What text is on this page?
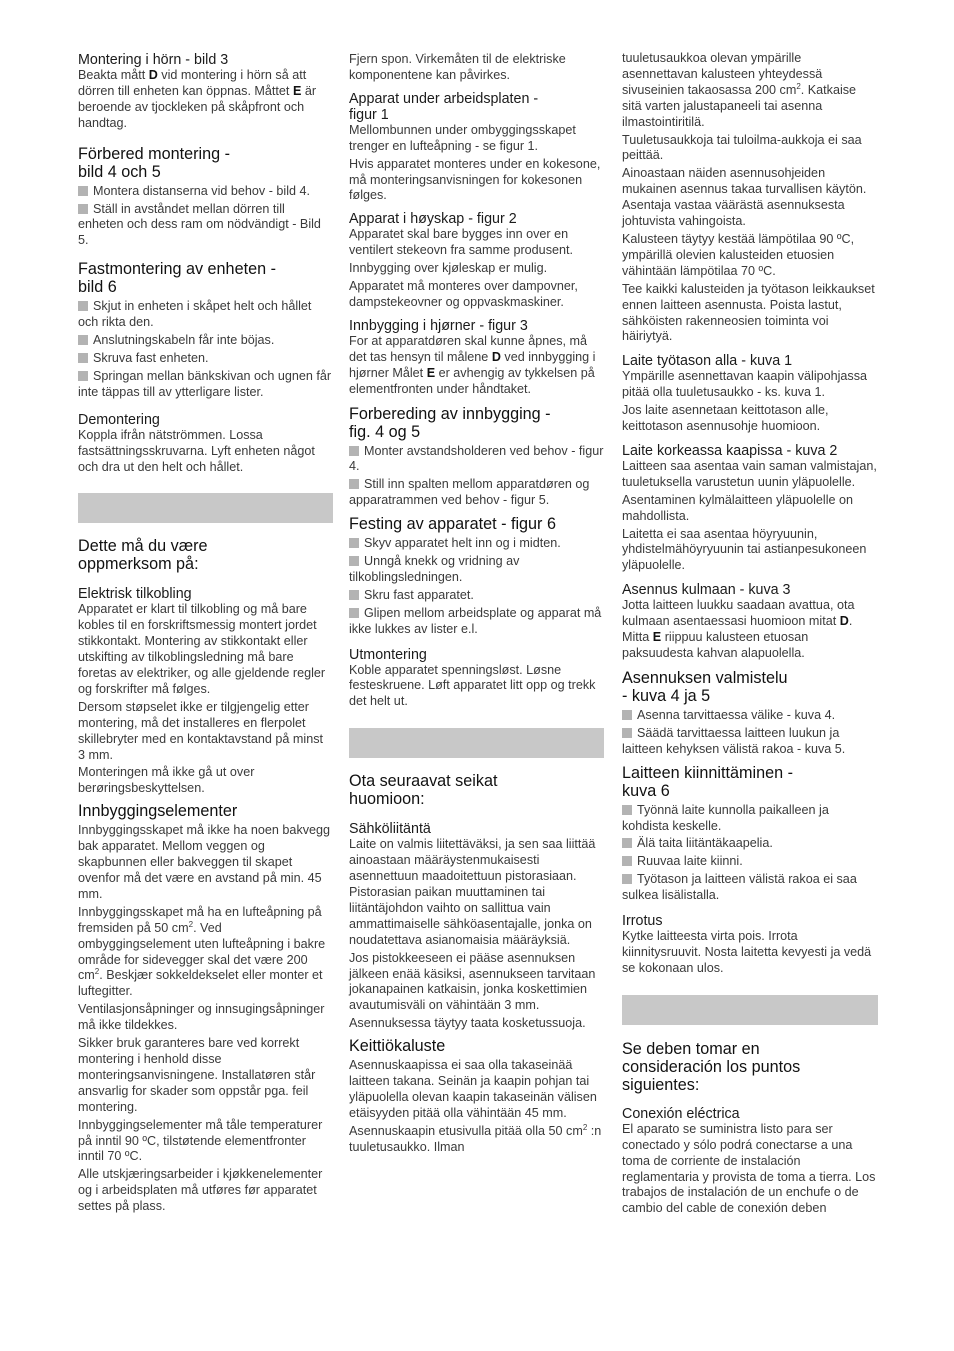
Montering i hörn - bild 3

Beakta mått D vid montering i hörn så att dörren till enheten kan öppnas. Måttet E är beroende av tjockleken på skåpfront och handtag.

Förbered montering -
bild 4 och 5

Montera distanserna vid behov - bild 4.

Ställ in avståndet mellan dörren till enheten och dess ram om nödvändigt - Bild 5.

Fastmontering av enheten -
bild 6

Skjut in enheten i skåpet helt och hållet och rikta den.

Anslutningskabeln får inte böjas.

Skruva fast enheten.

Springan mellan bänkskivan och ugnen får inte täppas till av ytterligare lister.

Demontering

Koppla ifrån nätströmmen. Lossa fastsättningsskruvarna. Lyft enheten något och dra ut den helt och hållet.

Dette må du være
oppmerksom på:
Elektrisk tilkobling

Apparatet er klart til tilkobling og må bare kobles til en forskriftsmessig montert jordet stikkontakt. Montering av stikkontakt eller utskifting av tilkoblingsledning må bare foretas av elektriker, og alle gjeldende regler og forskrifter må følges.

Dersom støpselet ikke er tilgjengelig etter montering, må det installeres en flerpolet skillebryter med en kontaktavstand på minst 3 mm.

Monteringen må ikke gå ut over berøringsbeskyttelsen.

Innbyggingselementer

Innbyggingsskapet må ikke ha noen bakvegg bak apparatet. Mellom veggen og skapbunnen eller bakveggen til skapet ovenfor må det være en avstand på min. 45 mm.

Innbyggingsskapet må ha en lufteåpning på fremsiden på 50 $cm^2$. Ved ombyggingselement uten lufteåpning i bakre område for sidevegger skal det være 200 $cm^2$. Beskjær sokkeldekselet eller monter et luftegitter.

Ventilasjonsåpninger og innsugingsåpninger må ikke tildekkes.

Sikker bruk garanteres bare ved korrekt montering i henhold disse monteringsanvisningene. Installatøren står ansvarlig for skader som oppstår pga. feil montering.

Innbyggingselementer må tåle temperaturer på inntil 90 ºC, tilstøtende elementfronter inntil 70 ºC.

Alle utskjæringsarbeider i kjøkkenelementer og i arbeidsplaten må utføres før apparatet settes på plass.

Fjern spon. Virkemåten til de elektriske komponentene kan påvirkes.

Apparat under arbeidsplaten -
figur 1

Mellombunnen under ombyggingsskapet trenger en lufteåpning - se figur 1.

Hvis apparatet monteres under en kokesone, må monteringsanvisningen for kokesonen følges.

Apparat i høyskap - figur 2

Apparatet skal bare bygges inn over en ventilert stekeovn fra samme produsent.

Innbygging over kjøleskap er mulig.

Apparatet må monteres over dampovner, dampstekeovner og oppvaskmaskiner.

Innbygging i hjørner - figur 3

For at apparatdøren skal kunne åpnes, må det tas hensyn til målene D ved innbygging i hjørner Målet E er avhengig av tykkelsen på elementfronten under håndtaket.

Forbereding av innbygging -
fig. 4 og 5

Monter avstandsholderen ved behov - figur 4.

Still inn spalten mellom apparatdøren og apparatrammen ved behov - figur 5.

Festing av apparatet - figur 6

Skyv apparatet helt inn og i midten.

Unngå knekk og vridning av tilkoblingsledningen.

Skru fast apparatet.

Glipen mellom arbeidsplate og apparat må ikke lukkes av lister e.l.

Utmontering

Koble apparatet spenningsløst. Løsne festeskruene. Løft apparatet litt opp og trekk det helt ut.

Ota seuraavat seikat
huomioon:
Sähköliitäntä

Laite on valmis liitettäväksi, ja sen saa liittää ainoastaan määräystenmukaisesti asennettuun maadoitettuun pistorasiaan. Pistorasian paikan muuttaminen tai liitäntäjohdon vaihto on sallittua vain ammattimaiselle sähköasentajalle, jonka on noudatettava asianomaisia määräyksiä.

Jos pistokkeeseen ei pääse asennuksen jälkeen enää käsiksi, asennukseen tarvitaan jokanapainen katkaisin, jonka koskettimien avautumisväli on vähintään 3 mm.

Asennuksessa täytyy taata kosketussuoja.

Keittiökaluste

Asennuskaapissa ei saa olla takaseinää laitteen takana. Seinän ja kaapin pohjan tai yläpuolella olevan kaapin takaseinän välisen etäisyyden pitää olla vähintään 45 mm.

Asennuskaapin etusivulla pitää olla 50 $cm^2$ :n tuuletusaukko. Ilman

tuuletusaukkoa olevan ympärille asennettavan kalusteen yhteydessä sivuseinien takaosassa 200 $cm^2$. Katkaise sitä varten jalustapaneeli tai asenna ilmastointiritilä.

Tuuletusaukkoja tai tuloilma-aukkoja ei saa peittää.

Ainoastaan näiden asennusohjeiden mukainen asennus takaa turvallisen käytön. Asentaja vastaa väärästä asennuksesta johtuvista vahingoista.

Kalusteen täytyy kestää lämpötilaa 90 ºC, ympärillä olevien kalusteiden etuosien vähintään lämpötilaa 70 ºC.

Tee kaikki kalusteiden ja työtason leikkaukset ennen laitteen asennusta. Poista lastut, sähköisten rakenneosien toiminta voi häiriytyä.

Laite työtason alla - kuva 1

Ympärille asennettavan kaapin välipohjassa pitää olla tuuletusaukko - ks. kuva 1.

Jos laite asennetaan keittotason alle, keittotason asennusohje huomioon.

Laite korkeassa kaapissa - kuva 2

Laitteen saa asentaa vain saman valmistajan, tuuletuksella varustetun uunin yläpuolelle.

Asentaminen kylmälaitteen yläpuolelle on mahdollista.

Laitetta ei saa asentaa höyryuunin, yhdistelmähöyryuunin tai astianpesukoneen yläpuolelle.

Asennus kulmaan - kuva 3

Jotta laitteen luukku saadaan avattua, ota kulmaan asentaessasi huomioon mitat D. Mitta E riippuu kalusteen etuosan paksuudesta kahvan alapuolella.

Asennuksen valmistelu
- kuva 4 ja 5

Asenna tarvittaessa välike - kuva 4.

Säädä tarvittaessa laitteen luukun ja laitteen kehyksen välistä rakoa - kuva 5.

Laitteen kiinnittäminen -
kuva 6

Työnnä laite kunnolla paikalleen ja kohdista keskelle.

Älä taita liitäntäkaapelia.

Ruuvaa laite kiinni.

Työtason ja laitteen välistä rakoa ei saa sulkea lisälistalla.

Irrotus

Kytke laitteesta virta pois. Irrota kiinnitysruuvit. Nosta laitetta kevyesti ja vedä se kokonaan ulos.

Se deben tomar en
consideración los puntos
siguientes:
Conexión eléctrica

El aparato se suministra listo para ser conectado y sólo podrá conectarse a una toma de corriente de instalación reglamentaria y provista de toma a tierra. Los trabajos de instalación de un enchufe o de cambio del cable de conexión deben
